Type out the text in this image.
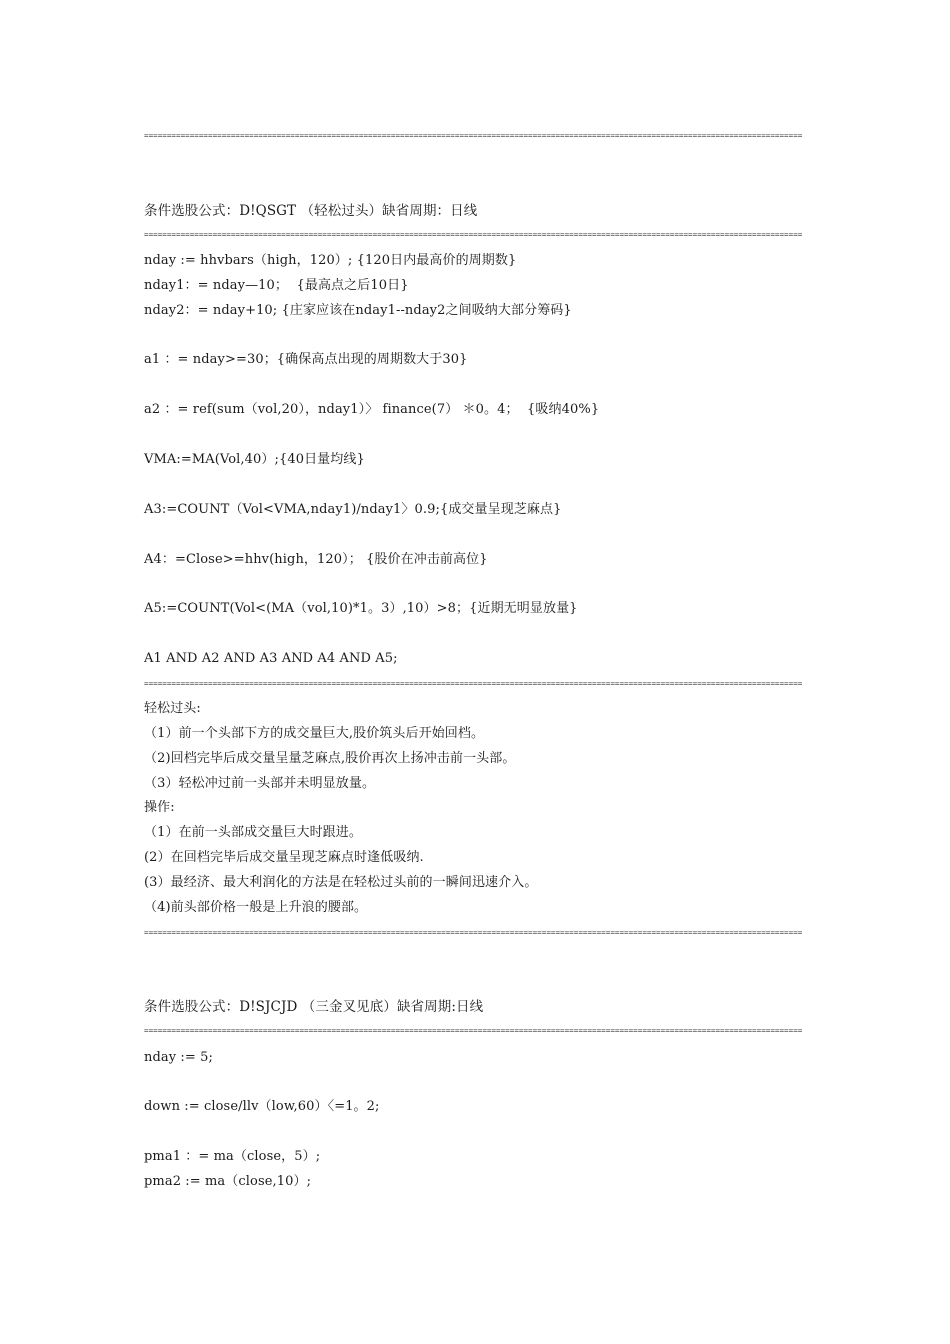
================================================================================================================================================
条件选股公式：D!QSGT （轻松过头）缺省周期：日线
================================================================================================================================================
nday := hhvbars（high，120）; {120日内最高价的周期数}
nday1：= nday—10；  {最高点之后10日}
nday2：= nday+10; {庄家应该在nday1--nday2之间吸纳大部分筹码}
a1 ：= nday>=30；{确保高点出现的周期数大于30}
a2 ：= ref(sum（vol,20），nday1）〉 finance(7） ＊0。4；  {吸纳40%}
VMA:=MA(Vol,40）;{40日量均线}
A3:=COUNT（Vol<VMA,nday1)/nday1〉0.9;{成交量呈现芝麻点}
A4：=Close>=hhv(high，120）； {股价在冲击前高位}
A5:=COUNT(Vol<(MA（vol,10)*1。3）,10）>8；{近期无明显放量}
A1 AND A2 AND A3 AND A4 AND A5;
================================================================================================================================================
轻松过头:
（1）前一个头部下方的成交量巨大,股价筑头后开始回档。
（2)回档完毕后成交量呈量芝麻点,股价再次上扬冲击前一头部。
（3）轻松冲过前一头部并未明显放量。
操作:
（1）在前一头部成交量巨大时跟进。
(2）在回档完毕后成交量呈现芝麻点时逢低吸纳.
(3）最经济、最大利润化的方法是在轻松过头前的一瞬间迅速介入。
（4)前头部价格一般是上升浪的腰部。
================================================================================================================================================
条件选股公式：D!SJCJD （三金叉见底）缺省周期:日线
================================================================================================================================================
nday := 5;
down := close/llv（low,60）〈=1。2;
pma1 ：= ma（close，5）;
pma2 := ma（close,10）;
